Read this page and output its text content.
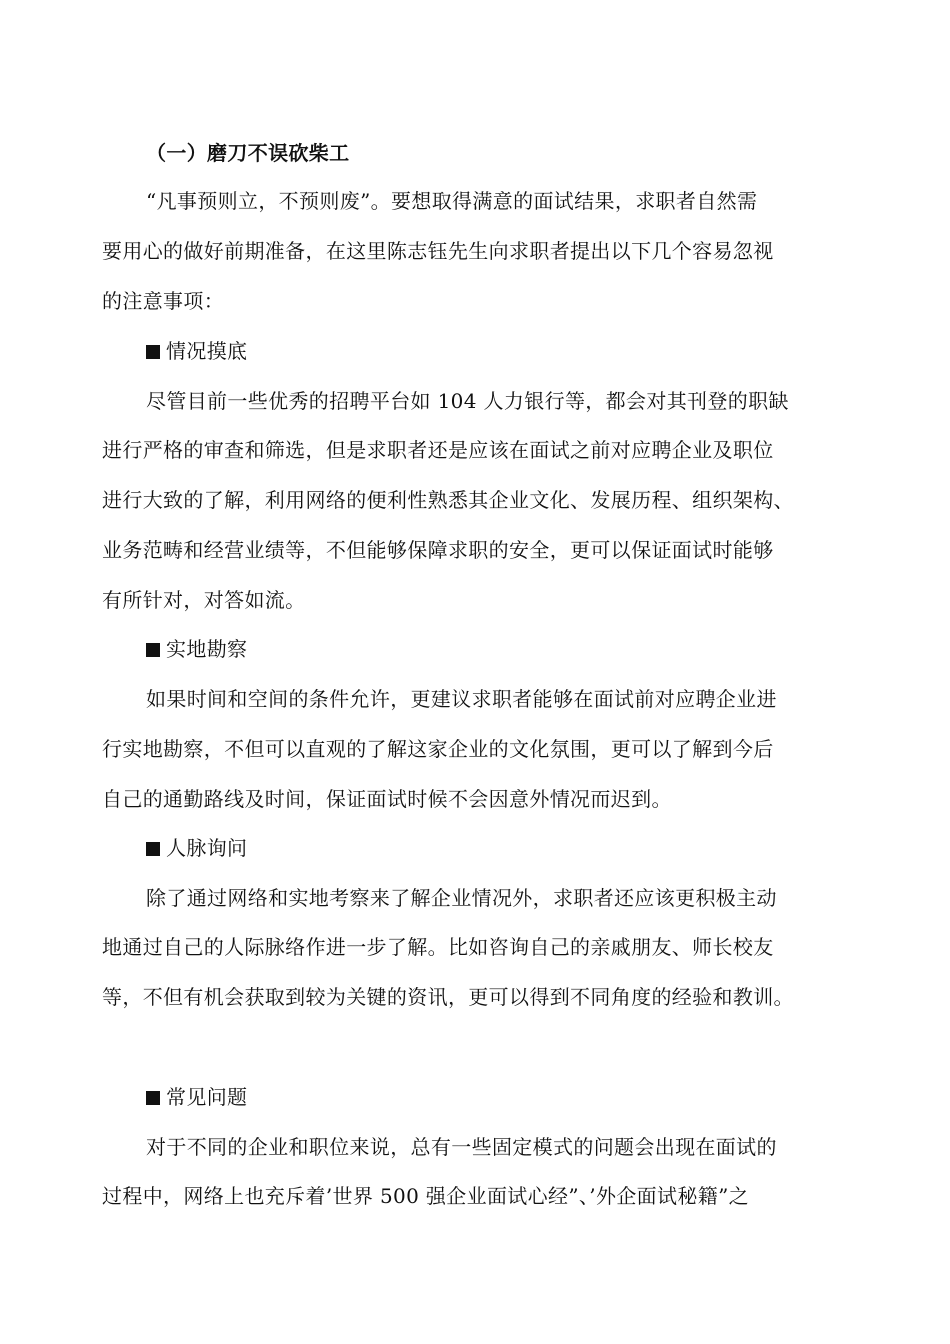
（一）磨刀不误砍柴工
“凡事预则立，不预则废”。要想取得满意的面试结果，求职者自然需
要用心的做好前期准备，在这里陈志钰先生向求职者提出以下几个容易忽视
的注意事项：
情况摸底
尽管目前一些优秀的招聘平台如 104 人力银行等，都会对其刊登的职缺
进行严格的审查和筛选，但是求职者还是应该在面试之前对应聘企业及职位
进行大致的了解，利用网络的便利性熟悉其企业文化、发展历程、组织架构、
业务范畴和经营业绩等，不但能够保障求职的安全，更可以保证面试时能够
有所针对，对答如流。
实地勘察
如果时间和空间的条件允许，更建议求职者能够在面试前对应聘企业进
行实地勘察，不但可以直观的了解这家企业的文化氛围，更可以了解到今后
自己的通勤路线及时间，保证面试时候不会因意外情况而迟到。
人脉询问
除了通过网络和实地考察来了解企业情况外，求职者还应该更积极主动
地通过自己的人际脉络作进一步了解。比如咨询自己的亲戚朋友、师长校友
等，不但有机会获取到较为关键的资讯，更可以得到不同角度的经验和教训。
常见问题
对于不同的企业和职位来说，总有一些固定模式的问题会出现在面试的
过程中，网络上也充斥着’世界 500 强企业面试心经”、’外企面试秘籍”之
